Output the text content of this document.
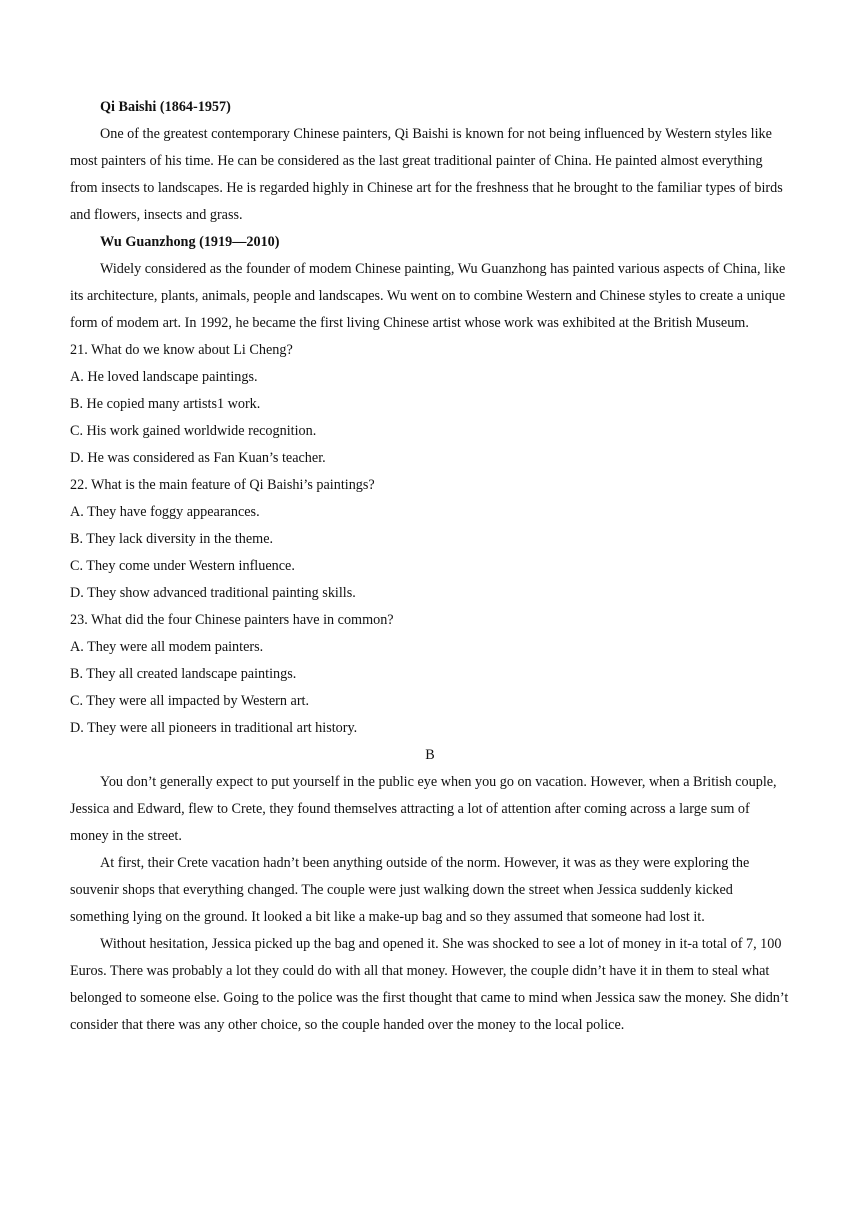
Qi Baishi (1864-1957)

One of the greatest contemporary Chinese painters, Qi Baishi is known for not being influenced by Western styles like most painters of his time. He can be considered as the last great traditional painter of China. He painted almost everything from insects to landscapes. He is regarded highly in Chinese art for the freshness that he brought to the familiar types of birds and flowers, insects and grass.

Wu Guanzhong (1919—2010)

Widely considered as the founder of modem Chinese painting, Wu Guanzhong has painted various aspects of China, like its architecture, plants, animals, people and landscapes. Wu went on to combine Western and Chinese styles to create a unique form of modem art. In 1992, he became the first living Chinese artist whose work was exhibited at the British Museum.

21. What do we know about Li Cheng?

A. He loved landscape paintings.

B. He copied many artists1 work.

C. His work gained worldwide recognition.

D. He was considered as Fan Kuan’s teacher.

22. What is the main feature of Qi Baishi’s paintings?

A. They have foggy appearances.

B. They lack diversity in the theme.

C. They come under Western influence.

D. They show advanced traditional painting skills.

23. What did the four Chinese painters have in common?

A. They were all modem painters.

B. They all created landscape paintings.

C. They were all impacted by Western art.

D. They were all pioneers in traditional art history.

B

You don’t generally expect to put yourself in the public eye when you go on vacation. However, when a British couple, Jessica and Edward, flew to Crete, they found themselves attracting a lot of attention after coming across a large sum of money in the street.

At first, their Crete vacation hadn’t been anything outside of the norm. However, it was as they were exploring the souvenir shops that everything changed. The couple were just walking down the street when Jessica suddenly kicked something lying on the ground. It looked a bit like a make-up bag and so they assumed that someone had lost it.

Without hesitation, Jessica picked up the bag and opened it. She was shocked to see a lot of money in it-a total of 7, 100 Euros. There was probably a lot they could do with all that money. However, the couple didn’t have it in them to steal what belonged to someone else. Going to the police was the first thought that came to mind when Jessica saw the money. She didn’t consider that there was any other choice, so the couple handed over the money to the local police.
